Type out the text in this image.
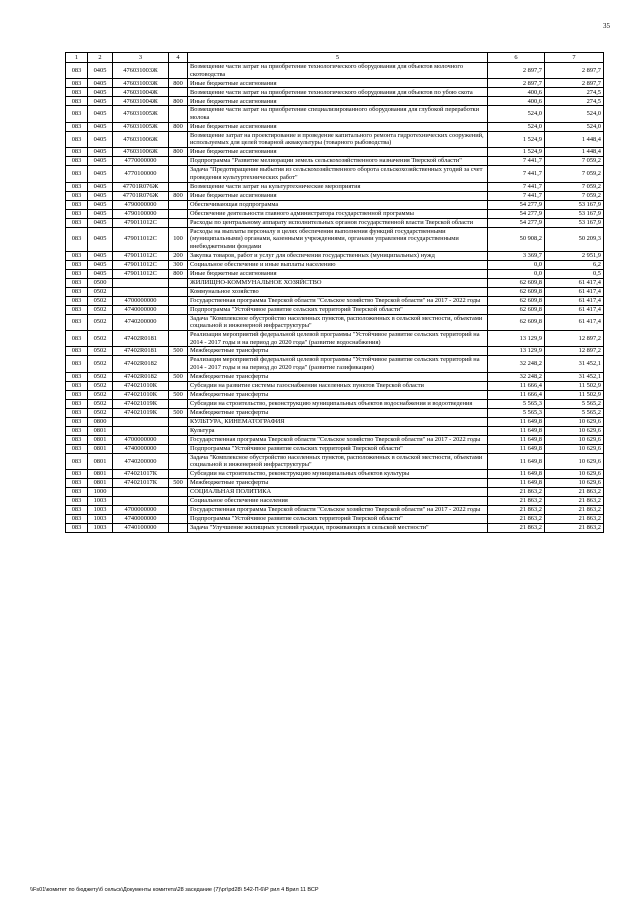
35
1	2	3	4	5	6	7
083	0405	476031003Ж		Возмещение части затрат на приобретение технологического оборудования для объектов молочного скотоводства	2 897,7	2 897,7
083	0405	476031003Ж	800	Иные бюджетные ассигнования	2 897,7	2 897,7
083	0405	476031004Ж		Возмещение части затрат на приобретение технологического оборудования для объектов по убою скота	400,6	274,5
083	0405	476031004Ж	800	Иные бюджетные ассигнования	400,6	274,5
083	0405	476031005Ж		Возмещение части затрат на приобретение специализированного оборудования для глубокой переработки молока	524,0	524,0
083	0405	476031005Ж	800	Иные бюджетные ассигнования	524,0	524,0
083	0405	476031006Ж		Возмещение затрат на проектирование и проведение капитального ремонта гидротехнических сооружений, используемых для целей товарной аквакультуры (товарного рыбоводства)	1 524,9	1 448,4
083	0405	476031006Ж	800	Иные бюджетные ассигнования	1 524,9	1 448,4
083	0405	4770000000		Подпрограмма "Развитие мелиорации земель сельскохозяйственного назначения Тверской области"	7 441,7	7 059,2
083	0405	4770100000		Задача "Предотвращение выбытия из сельскохозяйственного оборота сельскохозяйственных угодий за счет проведения культуртехнических работ"	7 441,7	7 059,2
083	0405	47701R076Ж		Возмещение части затрат на культуртехнические мероприятия	7 441,7	7 059,2
083	0405	47701R076Ж	800	Иные бюджетные ассигнования	7 441,7	7 059,2
083	0405	4790000000		Обеспечивающая подпрограмма	54 277,9	53 167,9
083	0405	4790100000		Обеспечение деятельности главного администратора государственной программы	54 277,9	53 167,9
083	0405	479011012С		Расходы по центральному аппарату исполнительных органов государственной власти Тверской области	54 277,9	53 167,9
083	0405	479011012С	100	Расходы на выплаты персоналу в целях обеспечения выполнения функций государственными (муниципальными) органами, казенными учреждениями, органами управления государственными внебюджетными фондами	50 908,2	50 209,3
083	0405	479011012С	200	Закупка товаров, работ и услуг для обеспечения государственных (муниципальных) нужд	3 369,7	2 951,9
083	0405	479011012С	300	Социальное обеспечение и иные выплаты населению	0,0	6,2
083	0405	479011012С	800	Иные бюджетные ассигнования	0,0	0,5
083	0500			ЖИЛИЩНО-КОММУНАЛЬНОЕ ХОЗЯЙСТВО	62 609,8	61 417,4
083	0502			Коммунальное хозяйство	62 609,8	61 417,4
083	0502	4700000000		Государственная программа Тверской области "Сельское хозяйство Тверской области" на 2017 - 2022 годы	62 609,8	61 417,4
083	0502	4740000000		Подпрограмма "Устойчивое развитие сельских территорий Тверской области"	62 609,8	61 417,4
083	0502	4740200000		Задача "Комплексное обустройство населенных пунктов, расположенных в сельской местности, объектами социальной и инженерной инфраструктуры"	62 609,8	61 417,4
083	0502	47402R0181		Реализация мероприятий федеральной целевой программы "Устойчивое развитие сельских территорий на 2014 - 2017 годы и на период до 2020 года" (развитие водоснабжения)	13 129,9	12 897,2
083	0502	47402R0181	500	Межбюджетные трансферты	13 129,9	12 897,2
083	0502	47402R0182		Реализация мероприятий федеральной целевой программы "Устойчивое развитие сельских территорий на 2014 - 2017 годы и на период до 2020 года" (развитие газификации)	32 248,2	31 452,1
083	0502	47402R0182	500	Межбюджетные трансферты	32 248,2	31 452,1
083	0502	474021010К		Субсидии на развитие системы газоснабжения населенных пунктов Тверской области	11 666,4	11 502,9
083	0502	474021010К	500	Межбюджетные трансферты	11 666,4	11 502,9
083	0502	474021019К		Субсидии на строительство, реконструкцию муниципальных объектов водоснабжения и водоотведения	5 565,3	5 565,2
083	0502	474021019К	500	Межбюджетные трансферты	5 565,3	5 565,2
083	0800			КУЛЬТУРА, КИНЕМАТОГРАФИЯ	11 649,8	10 629,6
083	0801			Культура	11 649,8	10 629,6
083	0801	4700000000		Государственная программа Тверской области "Сельское хозяйство Тверской области" на 2017 - 2022 годы	11 649,8	10 629,6
083	0801	4740000000		Подпрограмма "Устойчивое развитие сельских территорий Тверской области"	11 649,8	10 629,6
083	0801	4740200000		Задача "Комплексное обустройство населенных пунктов, расположенных в сельской местности, объектами социальной и инженерной инфраструктуры"	11 649,8	10 629,6
083	0801	474021017К		Субсидии на строительство, реконструкцию муниципальных объектов культуры	11 649,8	10 629,6
083	0801	474021017К	500	Межбюджетные трансферты	11 649,8	10 629,6
083	1000			СОЦИАЛЬНАЯ ПОЛИТИКА	21 863,2	21 863,2
083	1003			Социальное обеспечение населения	21 863,2	21 863,2
083	1003	4700000000		Государственная программа Тверской области "Сельское хозяйство Тверской области" на 2017 - 2022 годы	21 863,2	21 863,2
083	1003	4740000000		Подпрограмма "Устойчивое развитие сельских территорий Тверской области"	21 863,2	21 863,2
083	1003	4740100000		Задача "Улучшение жилищных условий граждан, проживающих в сельской местности"	21 863,2	21 863,2
\\Fs01\комитет по бюджету\б сельск\Документы комитета\28 заседание (7)\рг\pd28\ 542-П-6\Р рил 4 Врил 11 ВСР
